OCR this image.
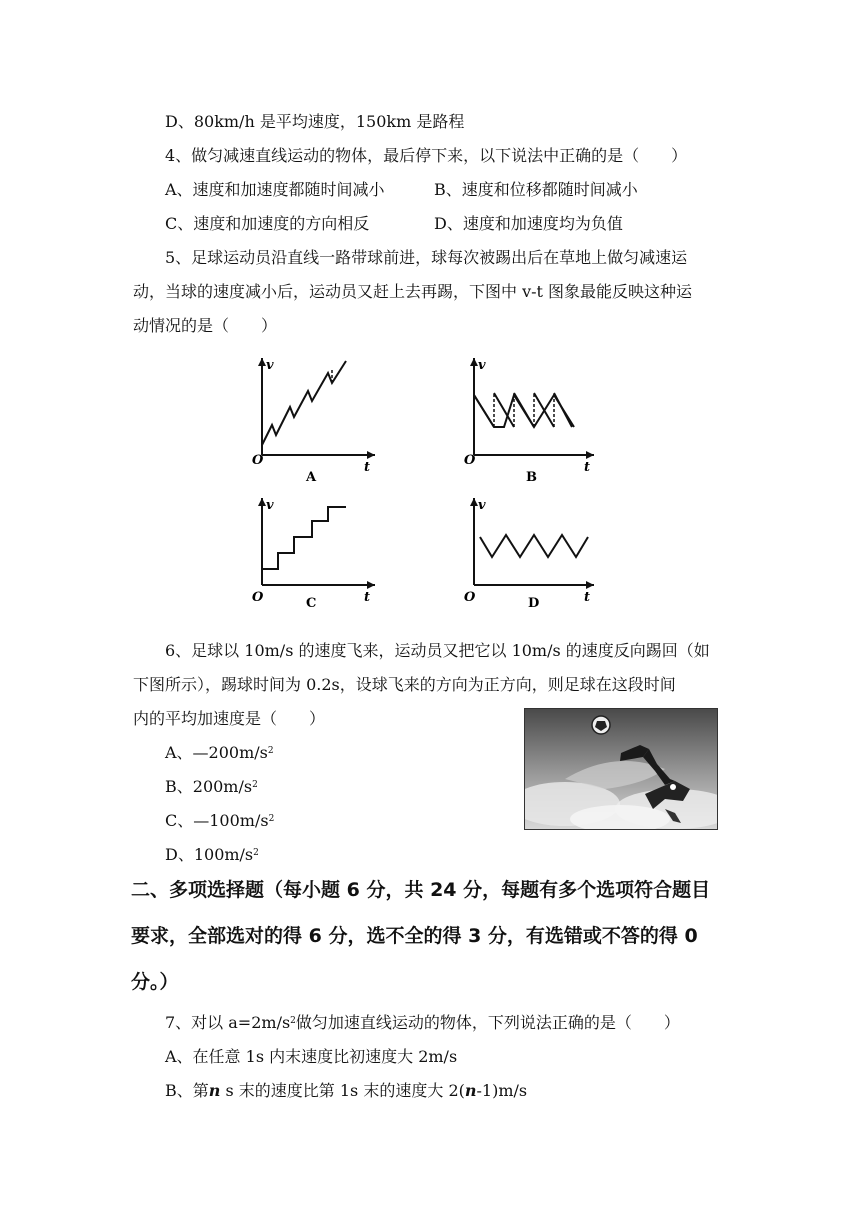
D、80km/h 是平均速度，150km 是路程
4、做匀减速直线运动的物体，最后停下来，以下说法中正确的是（　　）
A、速度和加速度都随时间减小	B、速度和位移都随时间减小
C、速度和加速度的方向相反	D、速度和加速度均为负值
5、足球运动员沿直线一路带球前进，球每次被踢出后在草地上做匀减速运
动，当球的速度减小后，运动员又赶上去再踢，下图中 v-t 图象最能反映这种运
动情况的是（　　）
v
t
O
A
v
t
O
B
v
t
O	C
v
t
O	D
6、足球以 10m/s 的速度飞来，运动员又把它以 10m/s 的速度反向踢回（如
下图所示），踢球时间为 0.2s，设球飞来的方向为正方向，则足球在这段时间
内的平均加速度是（　　）
A、$—200m/s^2$
B、$200m/s^2$
C、$—100m/s^2$
D、$100m/s^2$
二、多项选择题（每小题 6 分，共 24 分，每题有多个选项符合题目
要求，全部选对的得 6 分，选不全的得 3 分，有选错或不答的得 0
分。）
7、对以 $a=2m/s^2$做匀加速直线运动的物体，下列说法正确的是（　　）
A、在任意 1s 内末速度比初速度大 2m/s
B、第n s 末的速度比第 1s 末的速度大 2(n-1)m/s
